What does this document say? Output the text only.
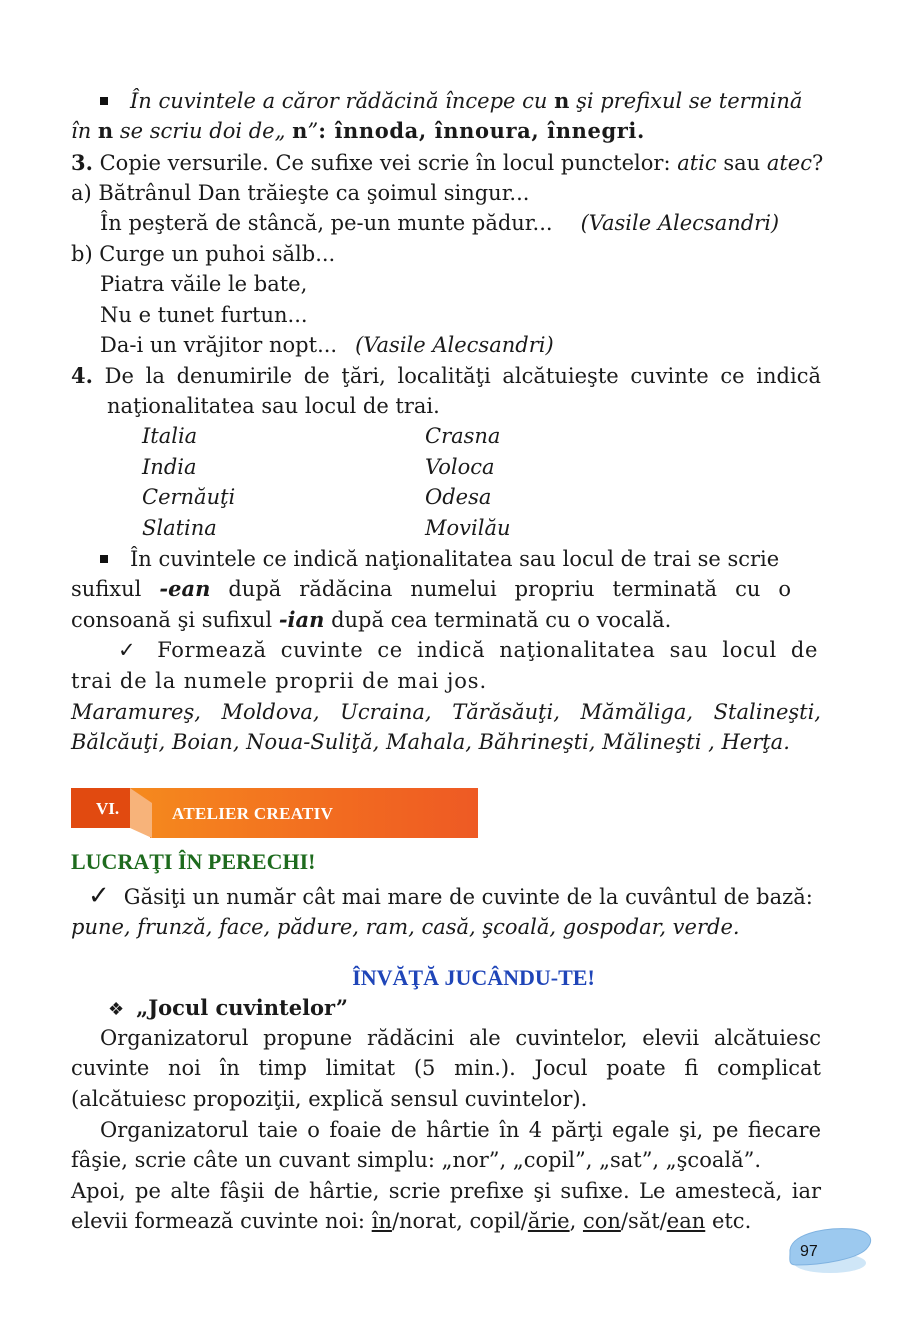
În cuvintele a căror rădăcină începe cu n şi prefixul se termină
în n se scriu doi de„ n”: înnoda, înnoura, înnegri.
3. Copie versurile. Ce sufixe vei scrie în locul punctelor: atic sau atec?
a) Bătrânul Dan trăieşte ca şoimul singur...
În peşteră de stâncă, pe-un munte pădur... (Vasile Alecsandri)
b) Curge un puhoi sălb...
Piatra văile le bate,
Nu e tunet furtun...
Da-i un vrăjitor nopt... (Vasile Alecsandri)
4. De la denumirile de ţări, localităţi alcătuieşte cuvinte ce indică
naţionalitatea sau locul de trai.
Italia
India
Cernăuţi
Slatina
Crasna
Voloca
Odesa
Movilău
În cuvintele ce indică naţionalitatea sau locul de trai se scrie
sufixul -ean după rădăcina numelui propriu terminată cu o
consoană şi sufixul -ian după cea terminată cu o vocală.
✓ Formează cuvinte ce indică naţionalitatea sau locul de
trai de la numele proprii de mai jos.
Maramureş, Moldova, Ucraina, Tărăsăuţi, Mămăliga, Stalineşti,
Bălcăuţi, Boian, Noua-Suliţă, Mahala, Băhrineşti, Mălineşti , Herţa.
VI.	ATELIER CREATIV
LUCRAŢI ÎN PERECHI!
✓ Găsiţi un număr cât mai mare de cuvinte de la cuvântul de bază:
pune, frunză, face, pădure, ram, casă, şcoală, gospodar, verde.
ÎNVĂŢĂ JUCÂNDU-TE!
❖ „Jocul cuvintelor”
Organizatorul propune rădăcini ale cuvintelor, elevii alcătuiesc
cuvinte noi în timp limitat (5 min.). Jocul poate fi complicat
(alcătuiesc propoziţii, explică sensul cuvintelor).
Organizatorul taie o foaie de hârtie în 4 părţi egale şi, pe fiecare
fâşie, scrie câte un cuvant simplu: „nor”, „copil”, „sat”, „şcoală”.
Apoi, pe alte fâşii de hârtie, scrie prefixe şi sufixe. Le amestecă, iar
elevii formează cuvinte noi: în/norat, copil/ărie, con/săt/ean etc.
97
